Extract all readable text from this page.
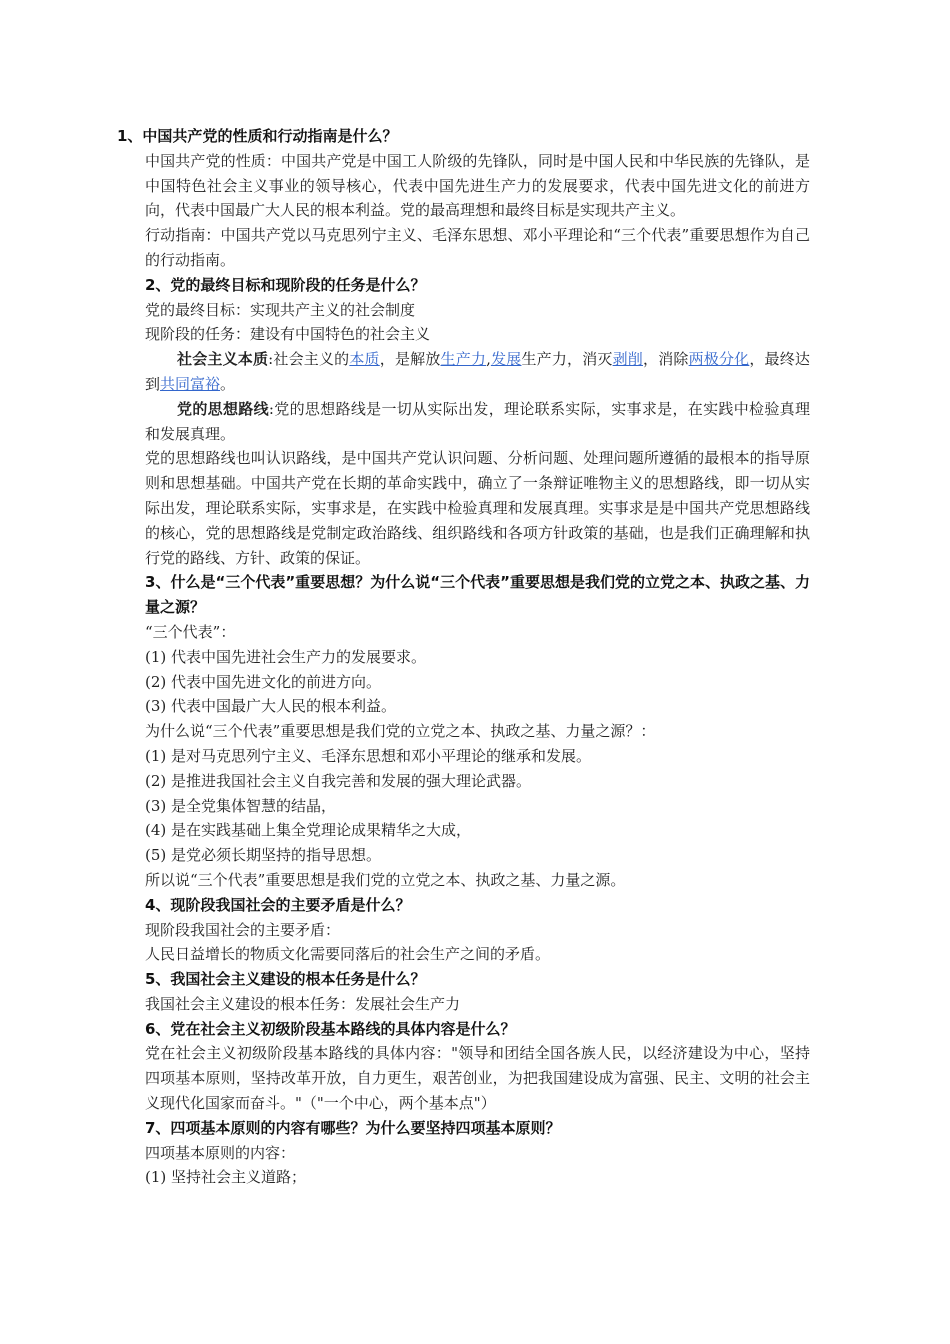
1、中国共产党的性质和行动指南是什么？

中国共产党的性质：中国共产党是中国工人阶级的先锋队，同时是中国人民和中华民族的先锋队，是中国特色社会主义事业的领导核心，代表中国先进生产力的发展要求，代表中国先进文化的前进方向，代表中国最广大人民的根本利益。党的最高理想和最终目标是实现共产主义。

行动指南：中国共产党以马克思列宁主义、毛泽东思想、邓小平理论和“三个代表”重要思想作为自己的行动指南。

2、党的最终目标和现阶段的任务是什么？

党的最终目标：实现共产主义的社会制度

现阶段的任务：建设有中国特色的社会主义

社会主义本质:社会主义的本质，是解放生产力,发展生产力，消灭剥削，消除两极分化，最终达到共同富裕。

党的思想路线:党的思想路线是一切从实际出发，理论联系实际，实事求是，在实践中检验真理和发展真理。

党的思想路线也叫认识路线，是中国共产党认识问题、分析问题、处理问题所遵循的最根本的指导原则和思想基础。中国共产党在长期的革命实践中，确立了一条辩证唯物主义的思想路线，即一切从实际出发，理论联系实际，实事求是，在实践中检验真理和发展真理。实事求是是中国共产党思想路线的核心，党的思想路线是党制定政治路线、组织路线和各项方针政策的基础，也是我们正确理解和执行党的路线、方针、政策的保证。

3、什么是“三个代表”重要思想？为什么说“三个代表”重要思想是我们党的立党之本、执政之基、力量之源？

“三个代表”：

(1) 代表中国先进社会生产力的发展要求。

(2) 代表中国先进文化的前进方向。

(3) 代表中国最广大人民的根本利益。

为什么说“三个代表”重要思想是我们党的立党之本、执政之基、力量之源？：

(1) 是对马克思列宁主义、毛泽东思想和邓小平理论的继承和发展。

(2) 是推进我国社会主义自我完善和发展的强大理论武器。

(3) 是全党集体智慧的结晶，

(4) 是在实践基础上集全党理论成果精华之大成，

(5) 是党必须长期坚持的指导思想。

所以说“三个代表”重要思想是我们党的立党之本、执政之基、力量之源。

4、现阶段我国社会的主要矛盾是什么？

现阶段我国社会的主要矛盾：

人民日益增长的物质文化需要同落后的社会生产之间的矛盾。

5、我国社会主义建设的根本任务是什么？

我国社会主义建设的根本任务：发展社会生产力

6、党在社会主义初级阶段基本路线的具体内容是什么？

党在社会主义初级阶段基本路线的具体内容："领导和团结全国各族人民，以经济建设为中心，坚持四项基本原则，坚持改革开放，自力更生，艰苦创业，为把我国建设成为富强、民主、文明的社会主义现代化国家而奋斗。"（"一个中心，两个基本点"）

7、四项基本原则的内容有哪些？为什么要坚持四项基本原则？

四项基本原则的内容：

(1) 坚持社会主义道路；
